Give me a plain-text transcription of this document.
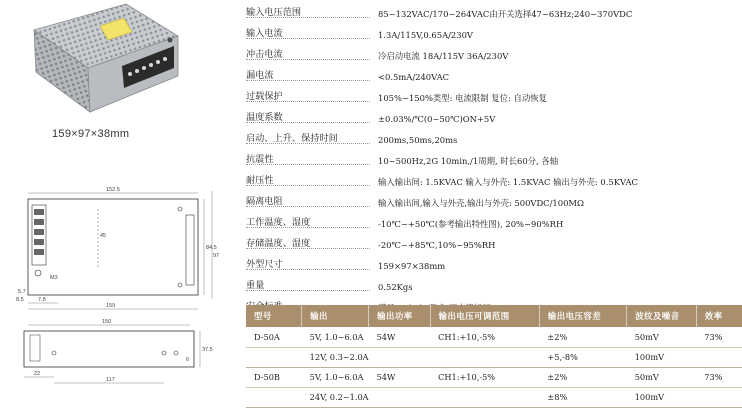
159×97×38mm
152.5
45
84.5
97
M3
8.5	7.8
159
5.7
150
22
117
37.5
6
输入电压范围	85~132VAC/170~264VAC由开关选择47~63Hz;240~370VDC
输入电流	1.3A/115V,0.65A/230V
冲击电流	冷启动电流 18A/115V 36A/230V
漏电流	<0.5mA/240VAC
过载保护	105%~150%类型: 电流限制 复位: 自动恢复
温度系数	±0.03%/℃(0~50℃)ON+5V
启动、上升、保持时间	200ms,50ms,20ms
抗震性	10~500Hz,2G 10min,/1周期, 时长60分, 各轴
耐压性	输入输出间: 1.5KVAC 输入与外壳: 1.5KVAC 输出与外壳: 0.5KVAC
隔离电阻	输入输出间,输入与外壳,输出与外壳: 500VDC/100MΩ
工作温度、湿度	-10℃~+50℃(参考输出特性图), 20%~90%RH
存储温度、湿度	-20℃~+85℃,10%~95%RH
外型尺寸	159×97×38mm
重量	0.52Kgs
型号	输出	输出功率	输出电压可调范围	输出电压容差	波纹及噪音	效率
D-50A	5V, 1.0~6.0A	54W	CH1:+10,-5%	±2%	50mV	73%
	12V, 0.3~2.0A			+5,-8%	100mV	
D-50B	5V, 1.0~6.0A	54W	CH1:+10,-5%	±2%	50mV	73%
	24V, 0.2~1.0A			±8%	100mV	
